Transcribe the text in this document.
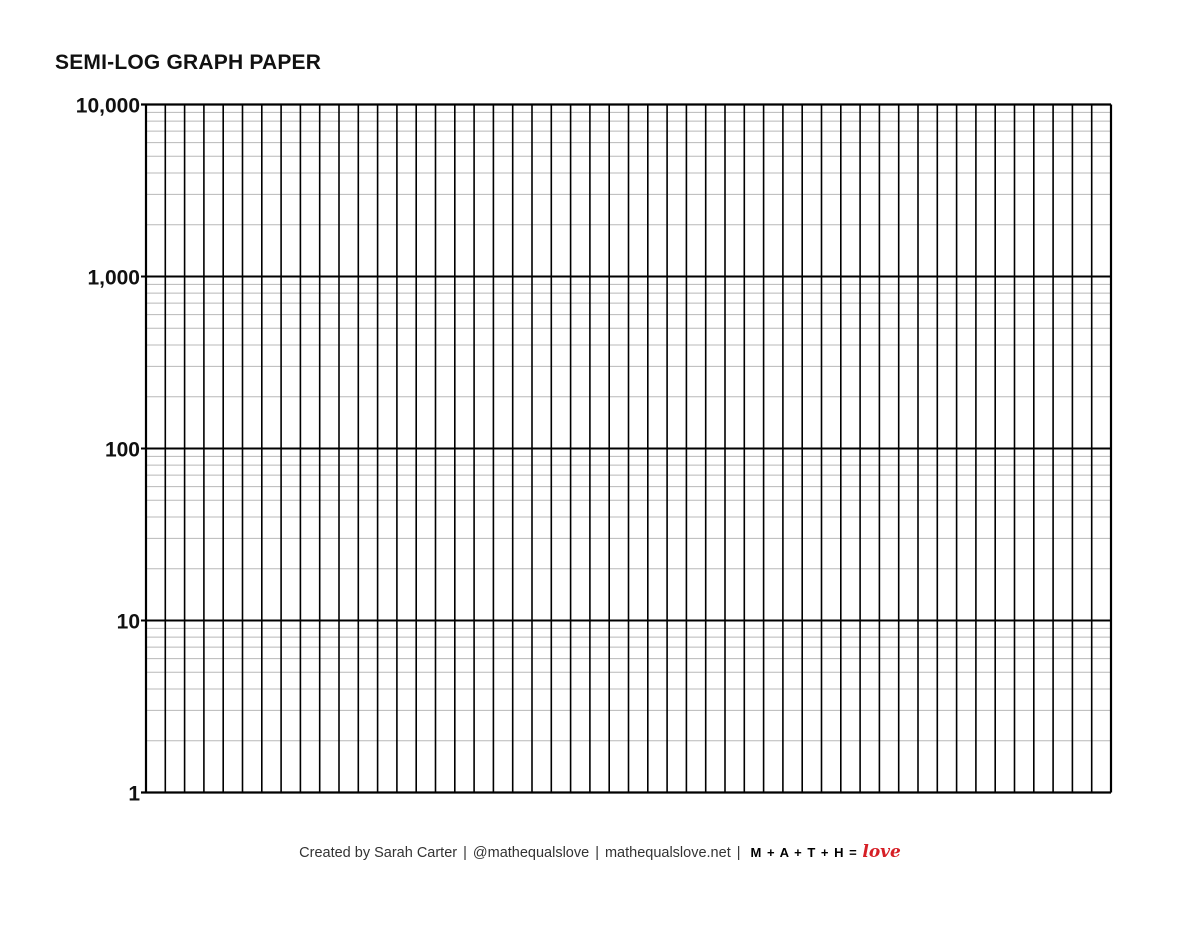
SEMI-LOG GRAPH PAPER
1
10
100
1,000
10,000
Created by Sarah Carter | @mathequalslove | mathequalslove.net | M + A + T + H = love
